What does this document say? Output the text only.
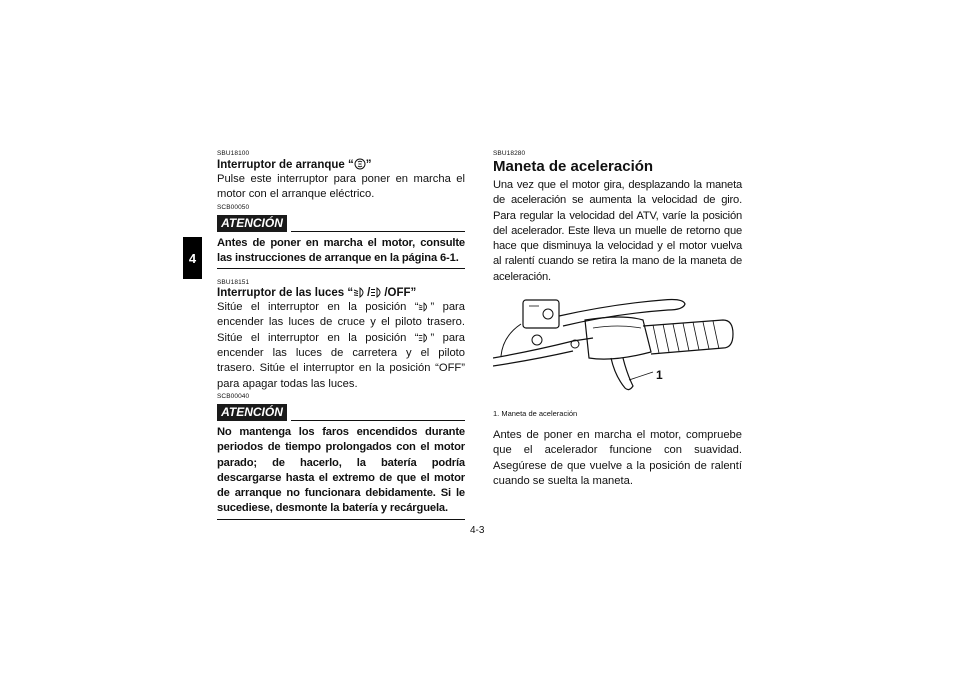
4

SBU18100

Interruptor de arranque “ ”

Pulse este interruptor para poner en marcha el motor con el arranque eléctrico.

SCB00050

ATENCIÓN

Antes de poner en marcha el motor, consulte las instrucciones de arranque en la página 6-1.

SBU18151

Interruptor de las luces “ / /OFF”

Sitúe el interruptor en la posición “ ” para encender las luces de cruce y el piloto trasero. Sitúe el interruptor en la posición “ ” para encender las luces de carretera y el piloto trasero. Sitúe el interruptor en la posición “OFF” para apagar todas las luces.

SCB00040

ATENCIÓN

No mantenga los faros encendidos durante periodos de tiempo prolongados con el motor parado; de hacerlo, la batería podría descargarse hasta el extremo de que el motor de arranque no funcionara debidamente. Si le sucediese, desmonte la batería y recárguela.

SBU18280

Maneta de aceleración

Una vez que el motor gira, desplazando la maneta de aceleración se aumenta la velocidad de giro. Para regular la velocidad del ATV, varíe la posición del acelerador. Este lleva un muelle de retorno que hace que disminuya la velocidad y el motor vuelva al ralentí cuando se retira la mano de la maneta de aceleración.

1

1. Maneta de aceleración

Antes de poner en marcha el motor, compruebe que el acelerador funcione con suavidad. Asegúrese de que vuelve a la posición de ralentí cuando se suelta la maneta.

4-3
